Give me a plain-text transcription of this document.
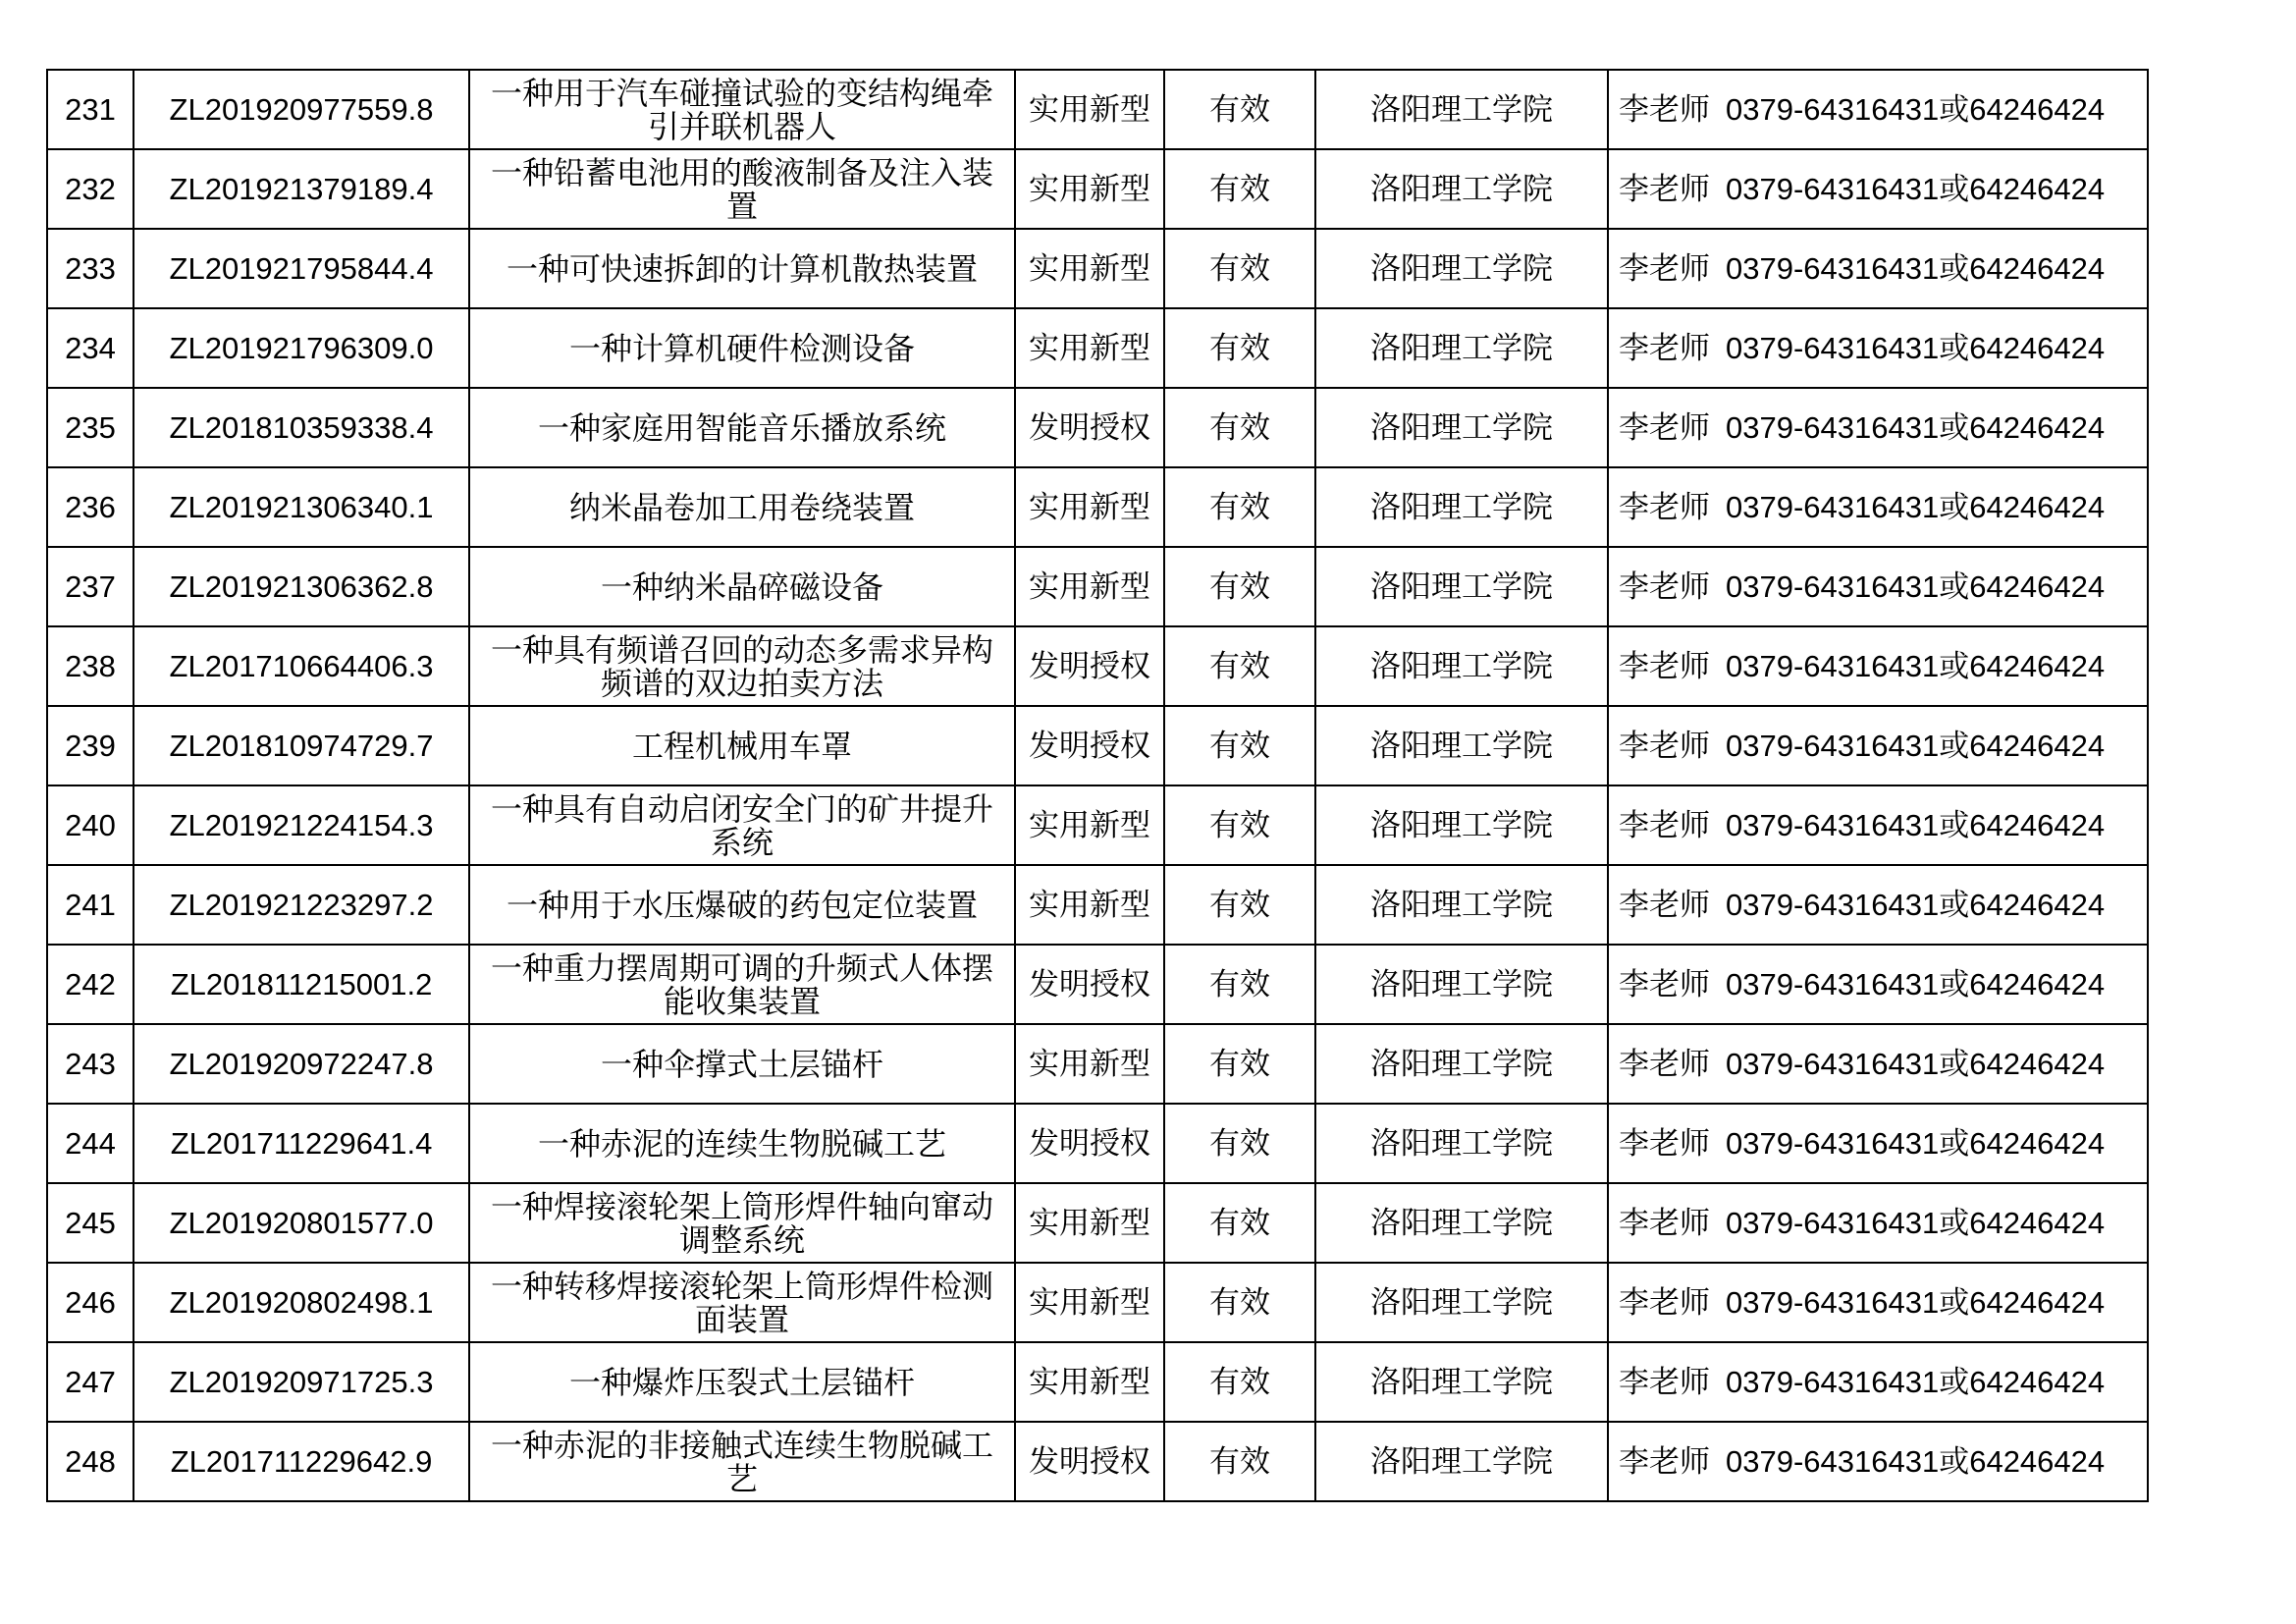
231	ZL201920977559.8	一种用于汽车碰撞试验的变结构绳牵引并联机器人	实用新型	有效	洛阳理工学院	李老师 0379-64316431或64246424
232	ZL201921379189.4	一种铅蓄电池用的酸液制备及注入装置	实用新型	有效	洛阳理工学院	李老师 0379-64316431或64246424
233	ZL201921795844.4	一种可快速拆卸的计算机散热装置	实用新型	有效	洛阳理工学院	李老师 0379-64316431或64246424
234	ZL201921796309.0	一种计算机硬件检测设备	实用新型	有效	洛阳理工学院	李老师 0379-64316431或64246424
235	ZL201810359338.4	一种家庭用智能音乐播放系统	发明授权	有效	洛阳理工学院	李老师 0379-64316431或64246424
236	ZL201921306340.1	纳米晶卷加工用卷绕装置	实用新型	有效	洛阳理工学院	李老师 0379-64316431或64246424
237	ZL201921306362.8	一种纳米晶碎磁设备	实用新型	有效	洛阳理工学院	李老师 0379-64316431或64246424
238	ZL201710664406.3	一种具有频谱召回的动态多需求异构频谱的双边拍卖方法	发明授权	有效	洛阳理工学院	李老师 0379-64316431或64246424
239	ZL201810974729.7	工程机械用车罩	发明授权	有效	洛阳理工学院	李老师 0379-64316431或64246424
240	ZL201921224154.3	一种具有自动启闭安全门的矿井提升系统	实用新型	有效	洛阳理工学院	李老师 0379-64316431或64246424
241	ZL201921223297.2	一种用于水压爆破的药包定位装置	实用新型	有效	洛阳理工学院	李老师 0379-64316431或64246424
242	ZL201811215001.2	一种重力摆周期可调的升频式人体摆能收集装置	发明授权	有效	洛阳理工学院	李老师 0379-64316431或64246424
243	ZL201920972247.8	一种伞撑式土层锚杆	实用新型	有效	洛阳理工学院	李老师 0379-64316431或64246424
244	ZL201711229641.4	一种赤泥的连续生物脱碱工艺	发明授权	有效	洛阳理工学院	李老师 0379-64316431或64246424
245	ZL201920801577.0	一种焊接滚轮架上筒形焊件轴向窜动调整系统	实用新型	有效	洛阳理工学院	李老师 0379-64316431或64246424
246	ZL201920802498.1	一种转移焊接滚轮架上筒形焊件检测面装置	实用新型	有效	洛阳理工学院	李老师 0379-64316431或64246424
247	ZL201920971725.3	一种爆炸压裂式土层锚杆	实用新型	有效	洛阳理工学院	李老师 0379-64316431或64246424
248	ZL201711229642.9	一种赤泥的非接触式连续生物脱碱工艺	发明授权	有效	洛阳理工学院	李老师 0379-64316431或64246424
